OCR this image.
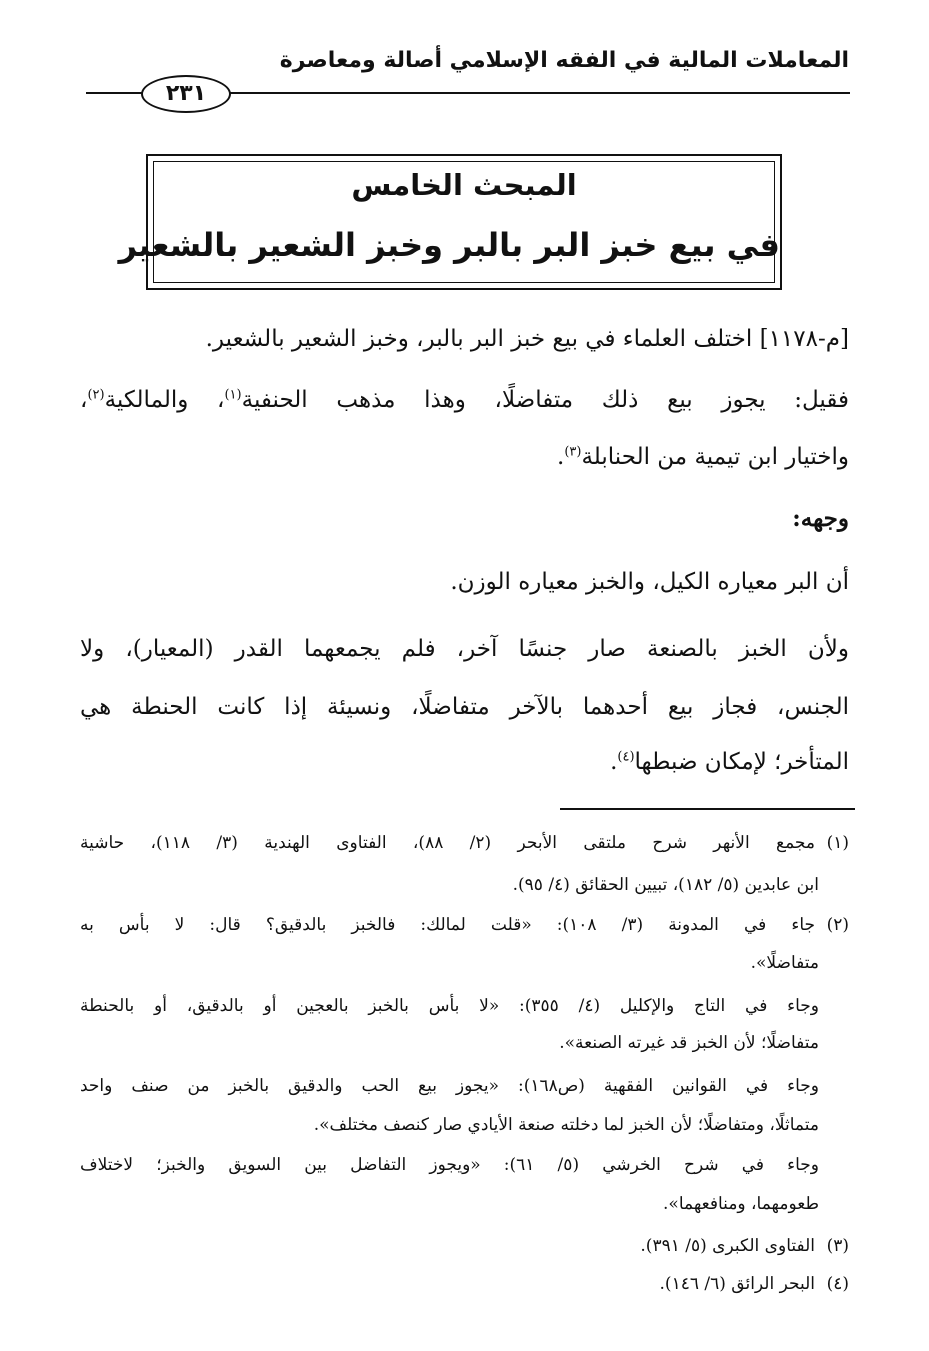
المعاملات المالية في الفقه الإسلامي أصالة ومعاصرة
٢٣١
المبحث الخامس
في بيع خبز البر بالبر وخبز الشعير بالشعير
[م-١١٧٨] اختلف العلماء في بيع خبز البر بالبر، وخبز الشعير بالشعير.
فقيل: يجوز بيع ذلك متفاضلًا، وهذا مذهب الحنفية$^{(١)}$، والمالكية$^{(٢)}$،
واختيار ابن تيمية من الحنابلة$^{(٣)}$.
وجهه:
أن البر معياره الكيل، والخبز معياره الوزن.
ولأن الخبز بالصنعة صار جنسًا آخر، فلم يجمعهما القدر (المعيار)، ولا
الجنس، فجاز بيع أحدهما بالآخر متفاضلًا، ونسيئة إذا كانت الحنطة هي
المتأخر؛ لإمكان ضبطها$^{(٤)}$.
(١)مجمع الأنهر شرح ملتقى الأبحر (٢/ ٨٨)، الفتاوى الهندية (٣/ ١١٨)، حاشية
ابن عابدين (٥/ ١٨٢)، تبيين الحقائق (٤/ ٩٥).
(٢)جاء في المدونة (٣/ ١٠٨): «قلت لمالك: فالخبز بالدقيق؟ قال: لا بأس به
متفاضلًا».
وجاء في التاج والإكليل (٤/ ٣٥٥): «لا بأس بالخبز بالعجين أو بالدقيق، أو بالحنطة
متفاضلًا؛ لأن الخبز قد غيرته الصنعة».
وجاء في القوانين الفقهية (ص١٦٨): «يجوز بيع الحب والدقيق بالخبز من صنف واحد
متماثلًا، ومتفاضلًا؛ لأن الخبز لما دخلته صنعة الأيادي صار كنصف مختلف».
وجاء في شرح الخرشي (٥/ ٦١): «ويجوز التفاضل بين السويق والخبز؛ لاختلاف
طعومهما، ومنافعهما».
(٣)الفتاوى الكبرى (٥/ ٣٩١).
(٤)البحر الرائق (٦/ ١٤٦).
